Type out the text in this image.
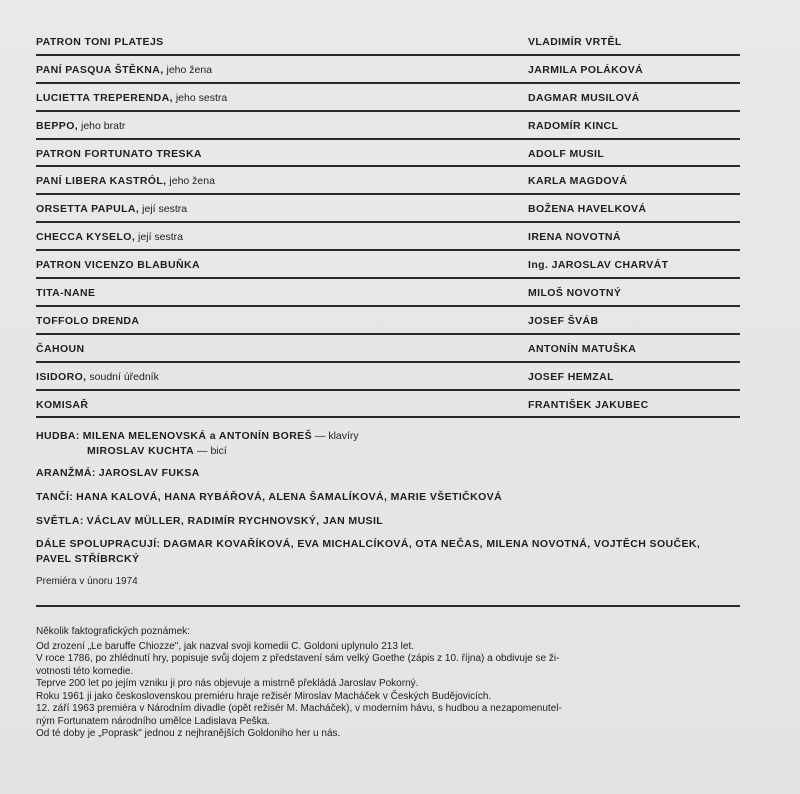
PATRON TONI PLATEJS	VLADIMÍR VRTĚL
PANÍ PASQUA ŠTĚKNA, jeho žena	JARMILA POLÁKOVÁ
LUCIETTA TREPERENDA, jeho sestra	DAGMAR MUSILOVÁ
BEPPO, jeho bratr	RADOMÍR KINCL
PATRON FORTUNATO TRESKA	ADOLF MUSIL
PANÍ LIBERA KASTRÓL, jeho žena	KARLA MAGDOVÁ
ORSETTA PAPULA, její sestra	BOŽENA HAVELKOVÁ
CHECCA KYSELO, její sestra	IRENA NOVOTNÁ
PATRON VICENZO BLABUŇKA	Ing. JAROSLAV CHARVÁT
TITA-NANE	MILOŠ NOVOTNÝ
TOFFOLO DRENDA	JOSEF ŠVÁB
ČAHOUN	ANTONÍN MATUŠKA
ISIDORO, soudní úředník	JOSEF HEMZAL
KOMISAŘ	FRANTIŠEK JAKUBEC
HUDBA: MILENA MELENOVSKÁ a ANTONÍN BOREŠ — klavíry
MIROSLAV KUCHTA — bicí
ARANŽMÁ: JAROSLAV FUKSA
TANČÍ: HANA KALOVÁ, HANA RYBÁŘOVÁ, ALENA ŠAMALÍKOVÁ, MARIE VŠETIČKOVÁ
SVĚTLA: VÁCLAV MÜLLER, RADIMÍR RYCHNOVSKÝ, JAN MUSIL
DÁLE SPOLUPRACUJÍ: DAGMAR KOVAŘÍKOVÁ, EVA MICHALCÍKOVÁ, OTA NEČAS, MILENA NOVOTNÁ, VOJTĚCH SOUČEK,
PAVEL STŘÍBRCKÝ
Premiéra v únoru 1974
Několik faktografických poznámek:
Od zrození „Le baruffe Chiozze", jak nazval svoji komedii C. Goldoni uplynulo 213 let.
V roce 1786, po zhlédnutí hry, popisuje svůj dojem z představení sám velký Goethe (zápis z 10. října) a obdivuje se ži-
votnosti této komedie.
Teprve 200 let po jejím vzniku ji pro nás objevuje a mistrně překládá Jaroslav Pokorný.
Roku 1961 ji jako československou premiéru hraje režisér Miroslav Macháček v Českých Budějovicích.
12. září 1963 premiéra v Národním divadle (opět režisér M. Macháček), v moderním hávu, s hudbou a nezapomenutel-
ným Fortunatem národního umělce Ladislava Peška.
Od té doby je „Poprask" jednou z nejhranějších Goldoniho her u nás.
